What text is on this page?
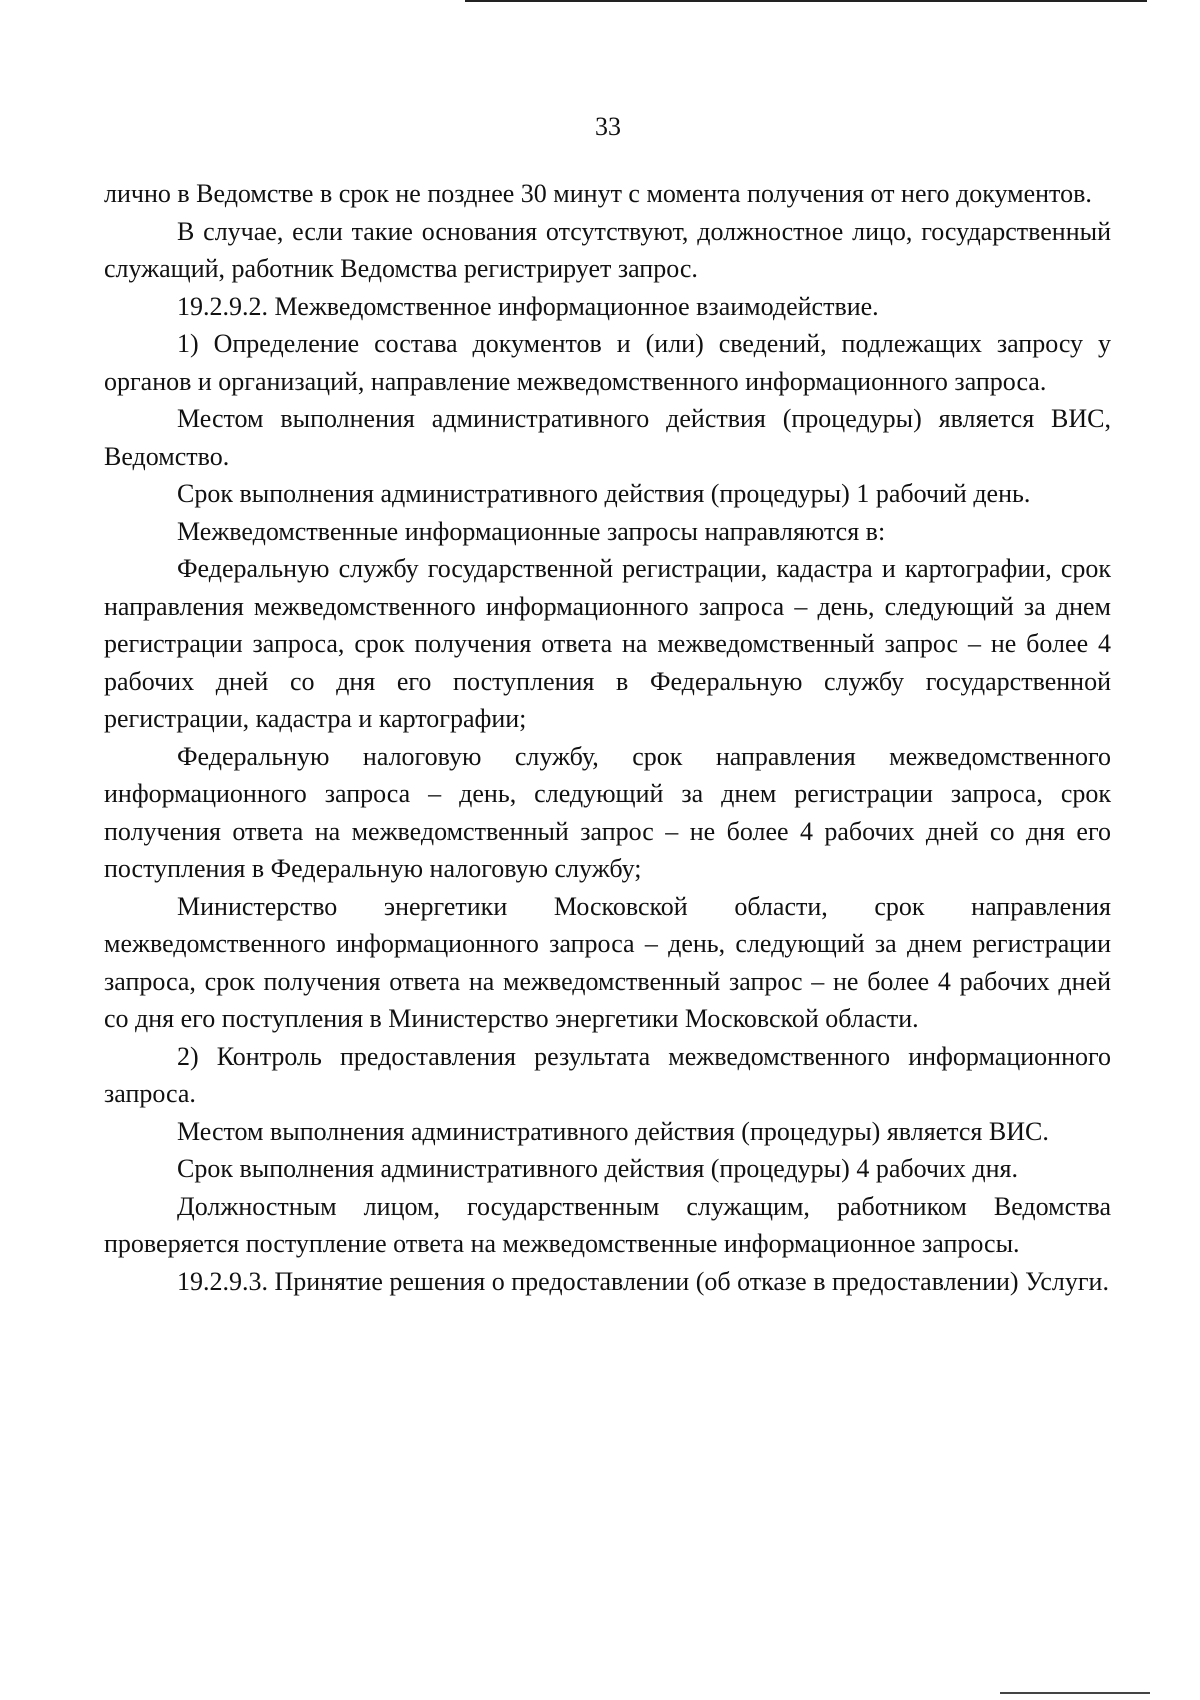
33

лично в Ведомстве в срок не позднее 30 минут с момента получения от него документов.

В случае, если такие основания отсутствуют, должностное лицо, государственный служащий, работник Ведомства регистрирует запрос.

19.2.9.2. Межведомственное информационное взаимодействие.

1) Определение состава документов и (или) сведений, подлежащих запросу у органов и организаций, направление межведомственного информационного запроса.

Местом выполнения административного действия (процедуры) является ВИС, Ведомство.

Срок выполнения административного действия (процедуры) 1 рабочий день.

Межведомственные информационные запросы направляются в:

Федеральную службу государственной регистрации, кадастра и картографии, срок направления межведомственного информационного запроса – день, следующий за днем регистрации запроса, срок получения ответа на межведомственный запрос – не более 4 рабочих дней со дня его поступления в Федеральную службу государственной регистрации, кадастра и картографии;

Федеральную налоговую службу, срок направления межведомственного информационного запроса – день, следующий за днем регистрации запроса, срок получения ответа на межведомственный запрос – не более 4 рабочих дней со дня его поступления в Федеральную налоговую службу;

Министерство энергетики Московской области, срок направления межведомственного информационного запроса – день, следующий за днем регистрации запроса, срок получения ответа на межведомственный запрос – не более 4 рабочих дней со дня его поступления в Министерство энергетики Московской области.

2) Контроль предоставления результата межведомственного информационного запроса.

Местом выполнения административного действия (процедуры) является ВИС.

Срок выполнения административного действия (процедуры) 4 рабочих дня.

Должностным лицом, государственным служащим, работником Ведомства проверяется поступление ответа на межведомственные информационное запросы.

19.2.9.3. Принятие решения о предоставлении (об отказе в предоставлении) Услуги.
